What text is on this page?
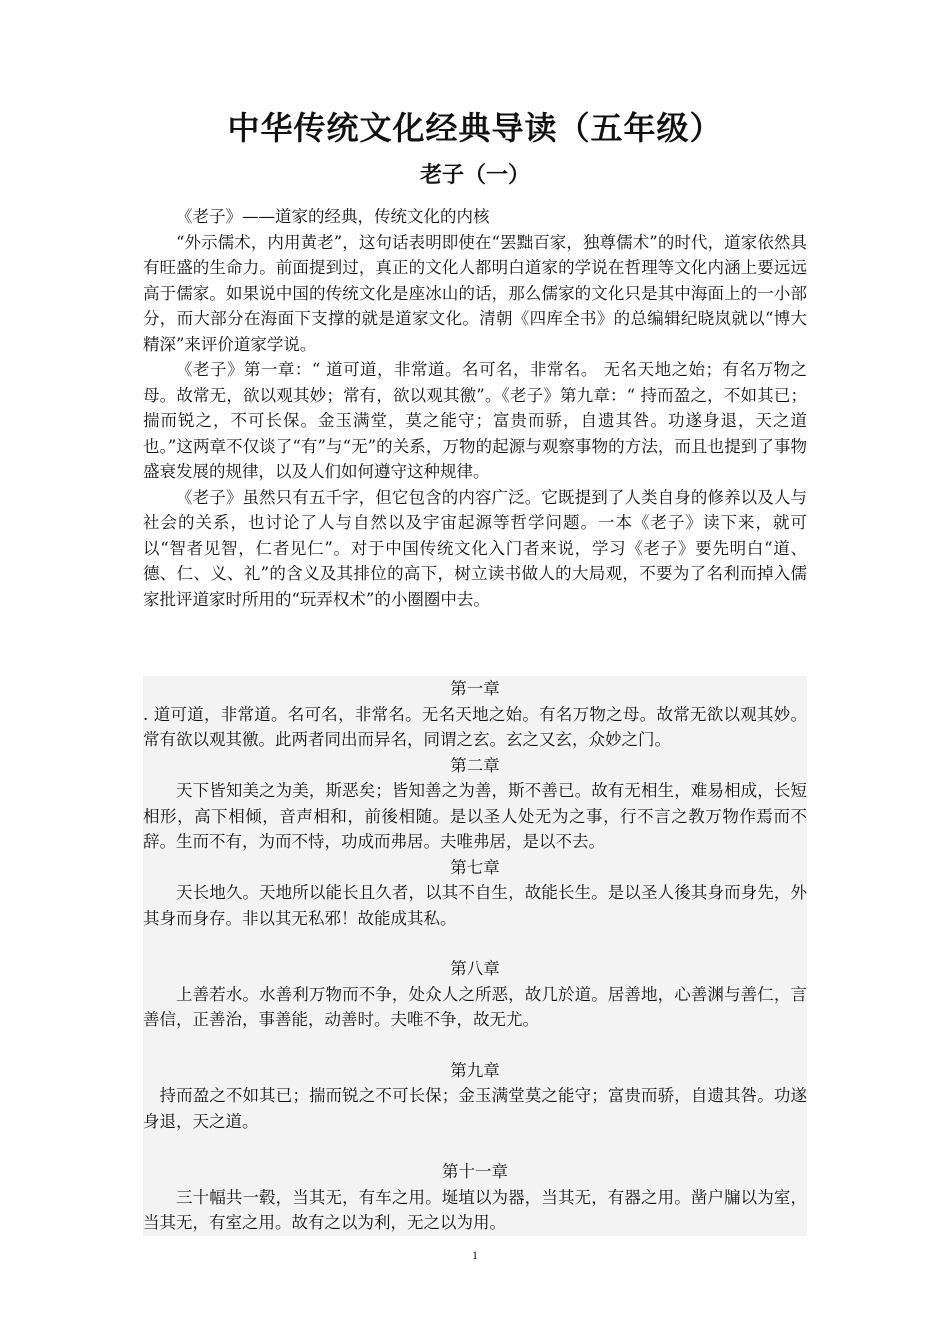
中华传统文化经典导读（五年级）
老子（一）

《老子》——道家的经典，传统文化的内核

“外示儒术，内用黄老”，这句话表明即使在“罢黜百家，独尊儒术”的时代，道家依然具有旺盛的生命力。前面提到过，真正的文化人都明白道家的学说在哲理等文化内涵上要远远高于儒家。如果说中国的传统文化是座冰山的话，那么儒家的文化只是其中海面上的一小部分，而大部分在海面下支撑的就是道家文化。清朝《四库全书》的总编辑纪晓岚就以“博大精深”来评价道家学说。

《老子》第一章：“ 道可道，非常道。名可名，非常名。 无名天地之始；有名万物之母。故常无，欲以观其妙；常有，欲以观其徼”。《老子》第九章：“ 持而盈之，不如其已；揣而锐之，不可长保。金玉满堂，莫之能守；富贵而骄，自遗其咎。功遂身退，天之道也。”这两章不仅谈了“有”与“无”的关系，万物的起源与观察事物的方法，而且也提到了事物盛衰发展的规律，以及人们如何遵守这种规律。

《老子》虽然只有五千字，但它包含的内容广泛。它既提到了人类自身的修养以及人与社会的关系，也讨论了人与自然以及宇宙起源等哲学问题。一本《老子》读下来，就可以“智者见智，仁者见仁”。对于中国传统文化入门者来说，学习《老子》要先明白“道、德、仁、义、礼”的含义及其排位的高下，树立读书做人的大局观，不要为了名利而掉入儒家批评道家时所用的“玩弄权术”的小圈圈中去。

第一章

. 道可道，非常道。名可名，非常名。无名天地之始。有名万物之母。故常无欲以观其妙。常有欲以观其徼。此两者同出而异名，同谓之玄。玄之又玄，众妙之门。

第二章

天下皆知美之为美，斯恶矣；皆知善之为善，斯不善已。故有无相生，难易相成，长短相形，高下相倾，音声相和，前後相随。是以圣人处无为之事，行不言之教万物作焉而不辞。生而不有，为而不恃，功成而弗居。夫唯弗居，是以不去。

第七章

天长地久。天地所以能长且久者，以其不自生，故能长生。是以圣人後其身而身先，外其身而身存。非以其无私邪！故能成其私。

第八章

上善若水。水善利万物而不争，处众人之所恶，故几於道。居善地，心善渊与善仁，言善信，正善治，事善能，动善时。夫唯不争，故无尤。

第九章

持而盈之不如其已；揣而锐之不可长保；金玉满堂莫之能守；富贵而骄，自遗其咎。功遂身退，天之道。

第十一章

三十幅共一毂，当其无，有车之用。埏埴以为器，当其无，有器之用。凿户牖以为室，当其无，有室之用。故有之以为利，无之以为用。

1
